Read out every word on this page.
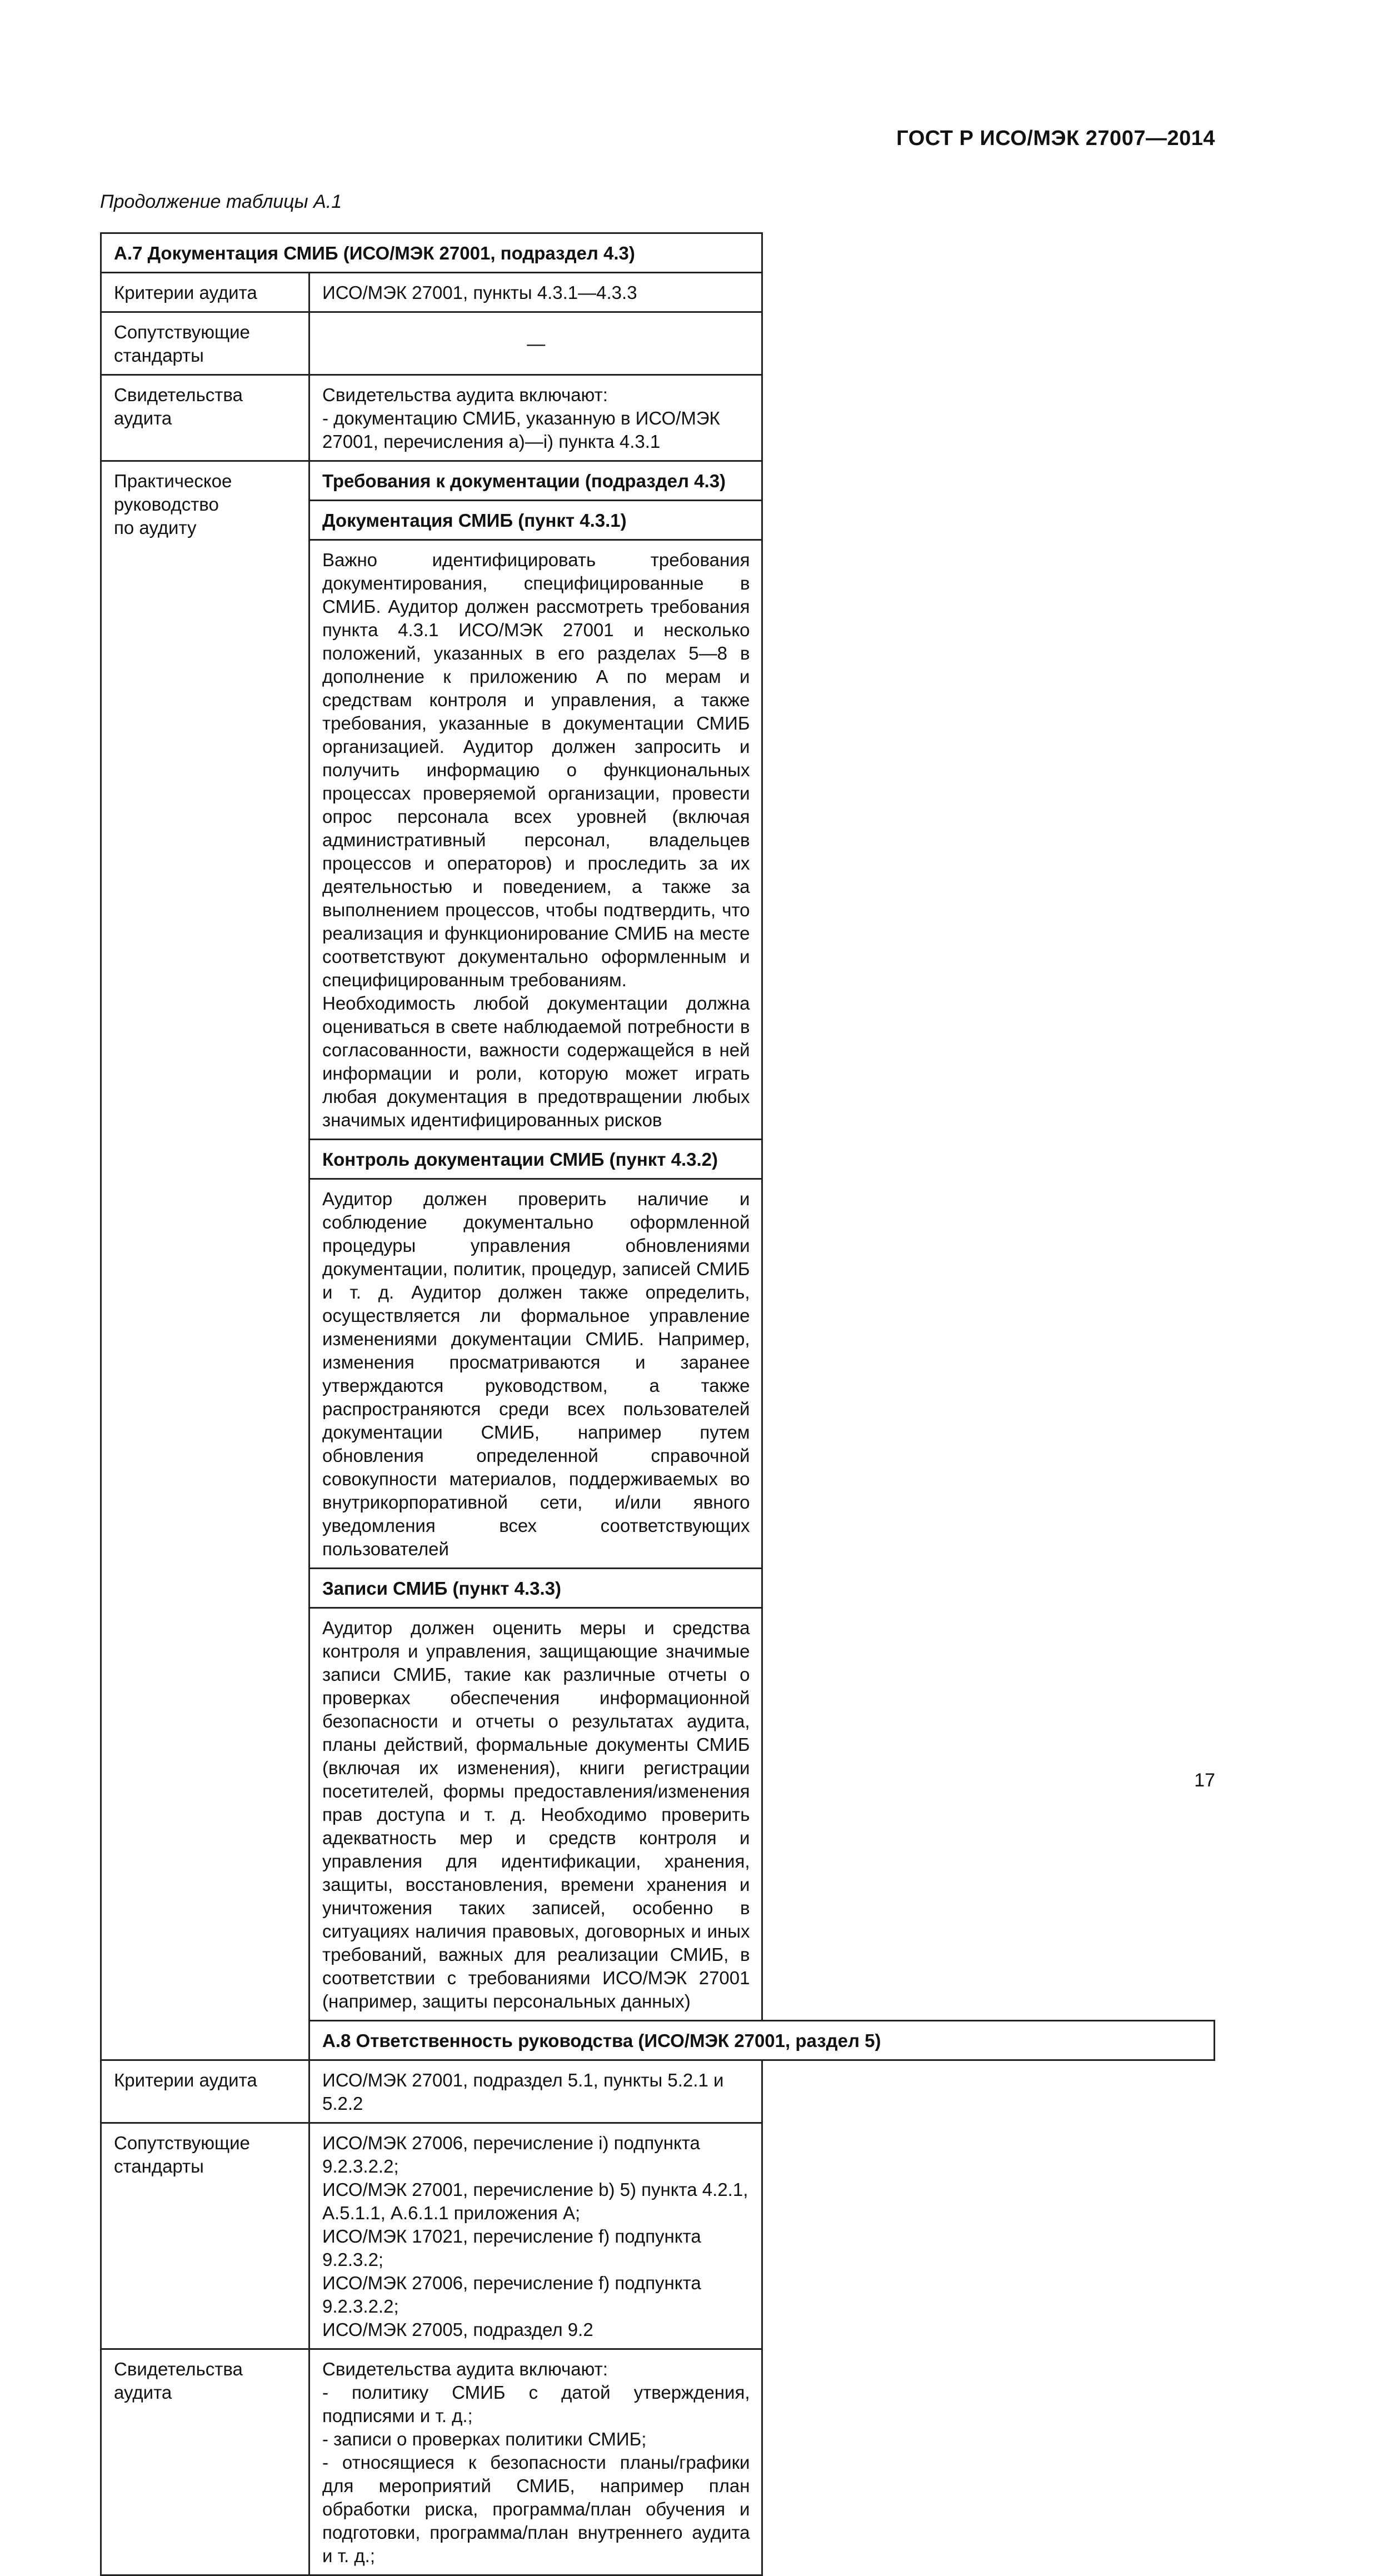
ГОСТ Р ИСО/МЭК 27007—2014
Продолжение таблицы А.1
А.7 Документация СМИБ (ИСО/МЭК 27001, подраздел 4.3)	
Критерии аудита	ИСО/МЭК 27001, пункты 4.3.1—4.3.3

Сопутствующие
стандарты	—

Свидетельства
аудита	Свидетельства аудита включают:
- документацию СМИБ, указанную в ИСО/МЭК 27001, перечисления а)—i) пункта 4.3.1

Практическое
руководство
по аудиту	Требования к документации (подраздел 4.3)
	Документация СМИБ (пункт 4.3.1)

	Важно идентифицировать требования документирования, специфицированные в СМИБ. Аудитор должен рассмотреть требования пункта 4.3.1 ИСО/МЭК 27001 и несколько положений, указанных в его разделах 5—8 в дополнение к приложению А по мерам и средствам контроля и управления, а также требования, указанные в документации СМИБ организацией. Аудитор должен запросить и получить информацию о функциональных процессах проверяемой организации, провести опрос персонала всех уровней (включая административный персонал, владельцев процессов и операторов) и проследить за их деятельностью и поведением, а также за выполнением процессов, чтобы подтвердить, что реализация и функционирование СМИБ на месте соответствуют документально оформленным и специфицированным требованиям.
Необходимость любой документации должна оцениваться в свете наблюдаемой потребности в согласованности, важности содержащейся в ней информации и роли, которую может играть любая документация в предотвращении любых значимых идентифицированных рисков

	Контроль документации СМИБ (пункт 4.3.2)
	Аудитор должен проверить наличие и соблюдение документально оформленной процедуры управления обновлениями документации, политик, процедур, записей СМИБ и т. д. Аудитор должен также определить, осуществляется ли формальное управление изменениями документации СМИБ. Например, изменения просматриваются и заранее утверждаются руководством, а также распространяются среди всех пользователей документации СМИБ, например путем обновления определенной справочной совокупности материалов, поддерживаемых во внутрикорпоративной сети, и/или явного уведомления всех соответствующих пользователей
	Записи СМИБ (пункт 4.3.3)
	Аудитор должен оценить меры и средства контроля и управления, защищающие значимые записи СМИБ, такие как различные отчеты о проверках обеспечения информационной безопасности и отчеты о результатах аудита, планы действий, формальные документы СМИБ (включая их изменения), книги регистрации посетителей, формы предоставления/изменения прав доступа и т. д. Необходимо проверить адекватность мер и средств контроля и управления для идентификации, хранения, защиты, восстановления, времени хранения и уничтожения таких записей, особенно в ситуациях наличия правовых, договорных и иных требований, важных для реализации СМИБ, в соответствии с требованиями ИСО/МЭК 27001 (например, защиты персональных данных)
	А.8 Ответственность руководства (ИСО/МЭК 27001, раздел 5)
Критерии аудита	ИСО/МЭК 27001, подраздел 5.1, пункты 5.2.1 и 5.2.2

Сопутствующие
стандарты	ИСО/МЭК 27006, перечисление i) подпункта 9.2.3.2.2;
ИСО/МЭК 27001, перечисление b) 5) пункта 4.2.1, А.5.1.1, А.6.1.1 приложения А;
ИСО/МЭК 17021, перечисление f) подпункта 9.2.3.2;
ИСО/МЭК 27006, перечисление f) подпункта 9.2.3.2.2;
ИСО/МЭК 27005, подраздел 9.2

Свидетельства
аудита	Свидетельства аудита включают:
- политику СМИБ с датой утверждения, подписями и т. д.;
- записи о проверках политики СМИБ;
- относящиеся к безопасности планы/графики для мероприятий СМИБ, например план обработки риска, программа/план обучения и подготовки, программа/план внутреннего аудита и т. д.;
17
